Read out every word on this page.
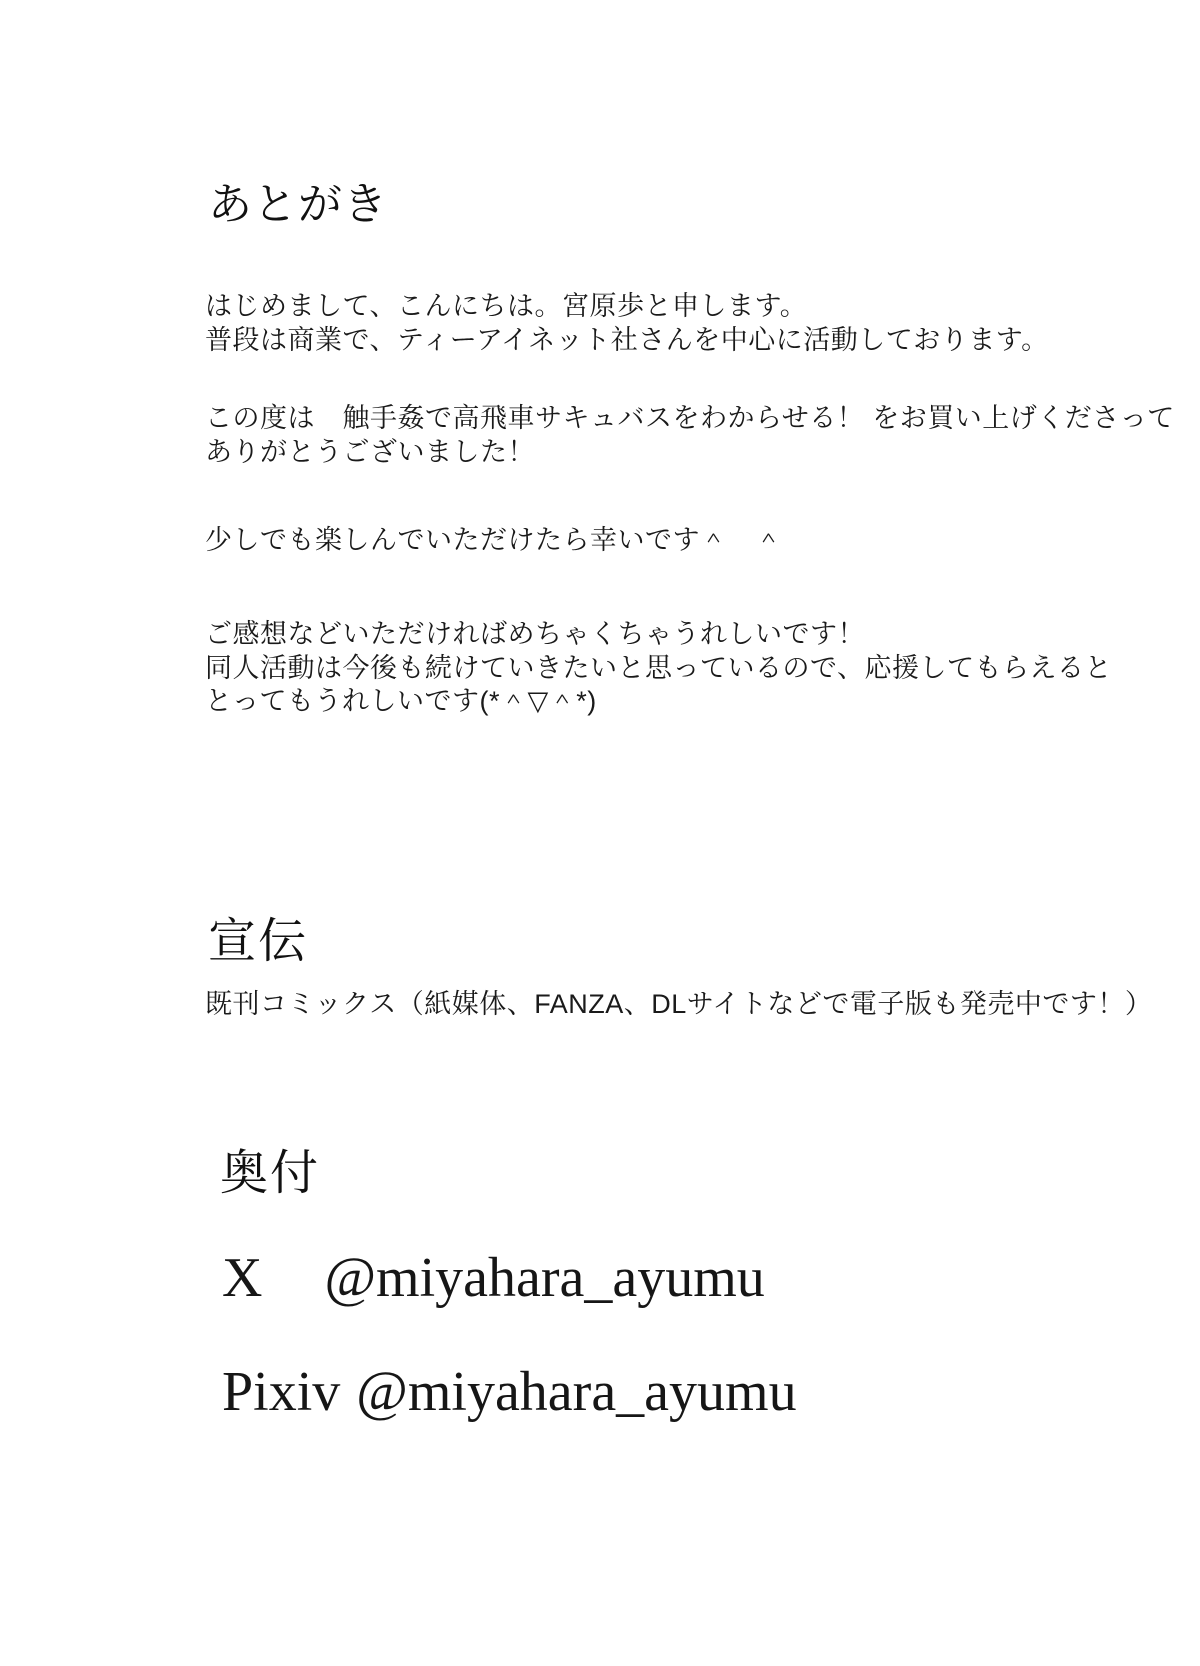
あとがき
はじめまして、こんにちは。宮原歩と申します。
普段は商業で、ティーアイネット社さんを中心に活動しております。
この度は　触手姦で高飛車サキュバスをわからせる！ をお買い上げくださって
ありがとうございました！
少しでも楽しんでいただけたら幸いです＾　＾
ご感想などいただければめちゃくちゃうれしいです！
同人活動は今後も続けていきたいと思っているので、応援してもらえると
とってもうれしいです(*＾▽＾*)
宣伝
既刊コミックス（紙媒体、FANZA、DLサイトなどで電子版も発売中です！）
奥付
X @miyahara_ayumu
Pixiv @miyahara_ayumu
